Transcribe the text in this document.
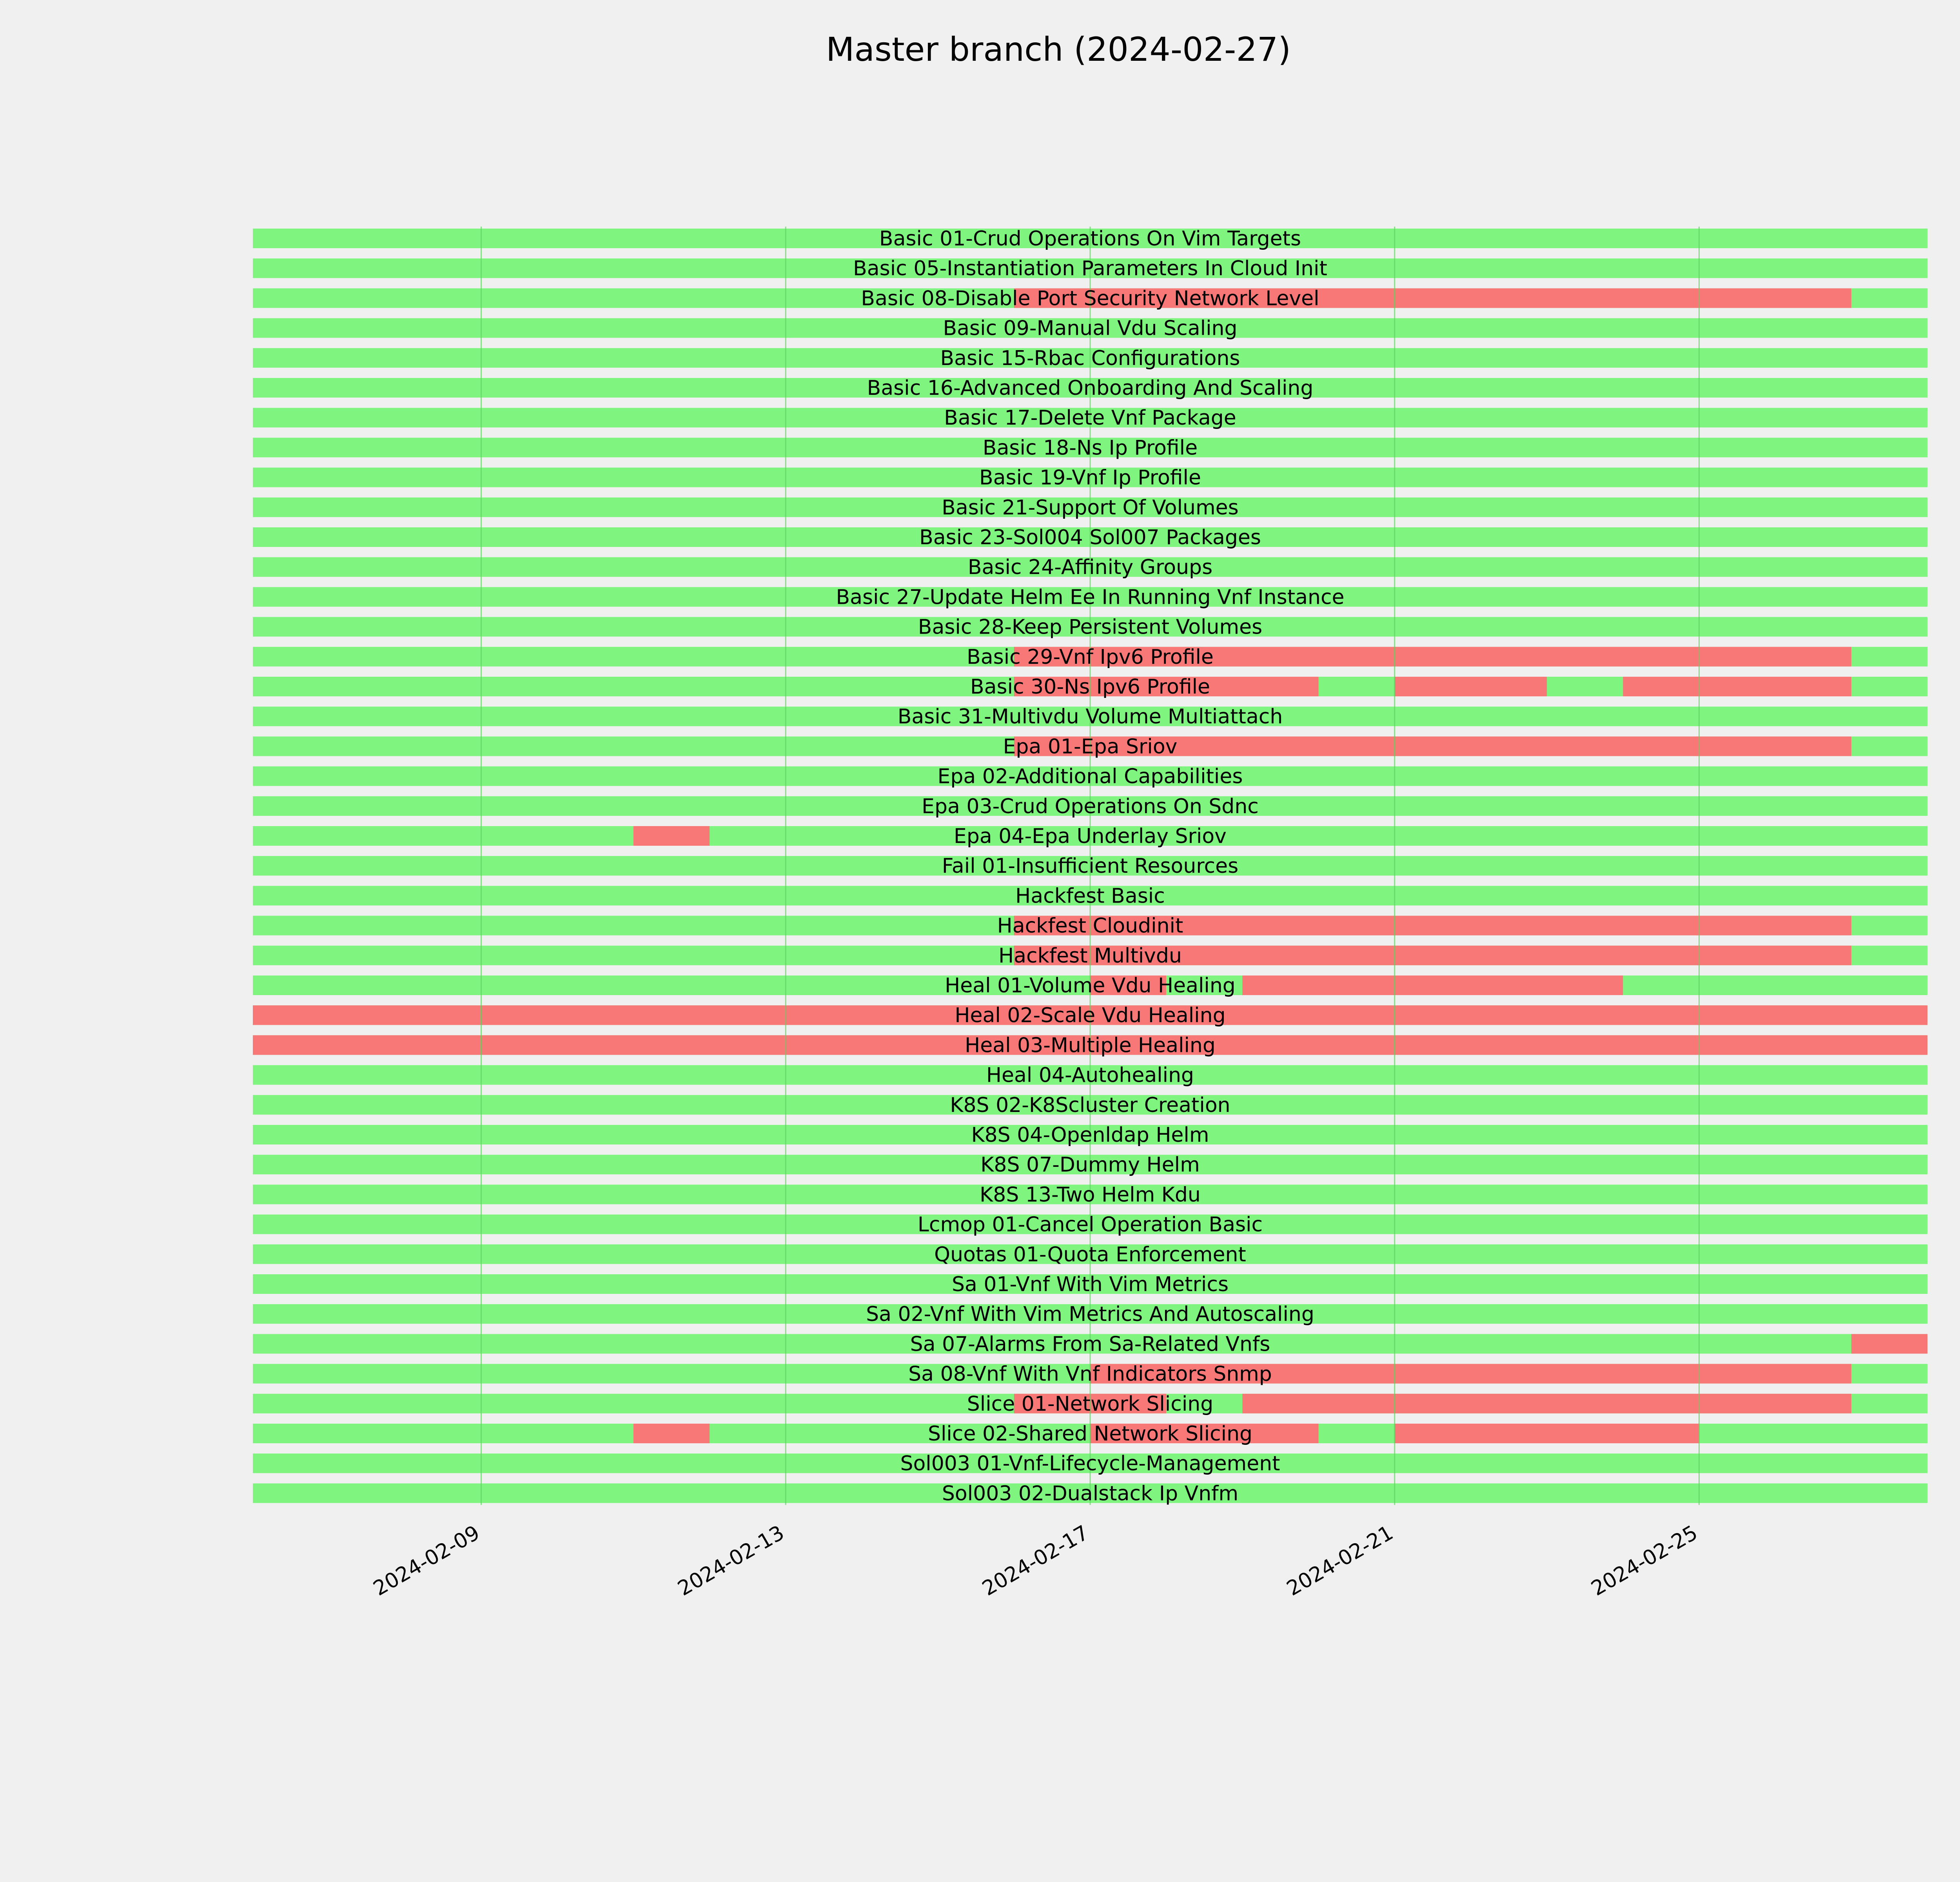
Master branch (2024-02-27)
Basic 01-Crud Operations On Vim Targets
Basic 05-Instantiation Parameters In Cloud Init
Basic 08-Disable Port Security Network Level
Basic 09-Manual Vdu Scaling
Basic 15-Rbac Configurations
Basic 16-Advanced Onboarding And Scaling
Basic 17-Delete Vnf Package
Basic 18-Ns Ip Profile
Basic 19-Vnf Ip Profile
Basic 21-Support Of Volumes
Basic 23-Sol004 Sol007 Packages
Basic 24-Affinity Groups
Basic 27-Update Helm Ee In Running Vnf Instance
Basic 28-Keep Persistent Volumes
Basic 29-Vnf Ipv6 Profile
Basic 30-Ns Ipv6 Profile
Basic 31-Multivdu Volume Multiattach
Epa 01-Epa Sriov
Epa 02-Additional Capabilities
Epa 03-Crud Operations On Sdnc
Epa 04-Epa Underlay Sriov
Fail 01-Insufficient Resources
Hackfest Basic
Hackfest Cloudinit
Hackfest Multivdu
Heal 01-Volume Vdu Healing
Heal 02-Scale Vdu Healing
Heal 03-Multiple Healing
Heal 04-Autohealing
K8S 02-K8Scluster Creation
K8S 04-Openldap Helm
K8S 07-Dummy Helm
K8S 13-Two Helm Kdu
Lcmop 01-Cancel Operation Basic
Quotas 01-Quota Enforcement
Sa 01-Vnf With Vim Metrics
Sa 02-Vnf With Vim Metrics And Autoscaling
Sa 07-Alarms From Sa-Related Vnfs
Sa 08-Vnf With Vnf Indicators Snmp
Slice 01-Network Slicing
Slice 02-Shared Network Slicing
Sol003 01-Vnf-Lifecycle-Management
Sol003 02-Dualstack Ip Vnfm
2024-02-09	2024-02-13	2024-02-17	2024-02-21	2024-02-25
